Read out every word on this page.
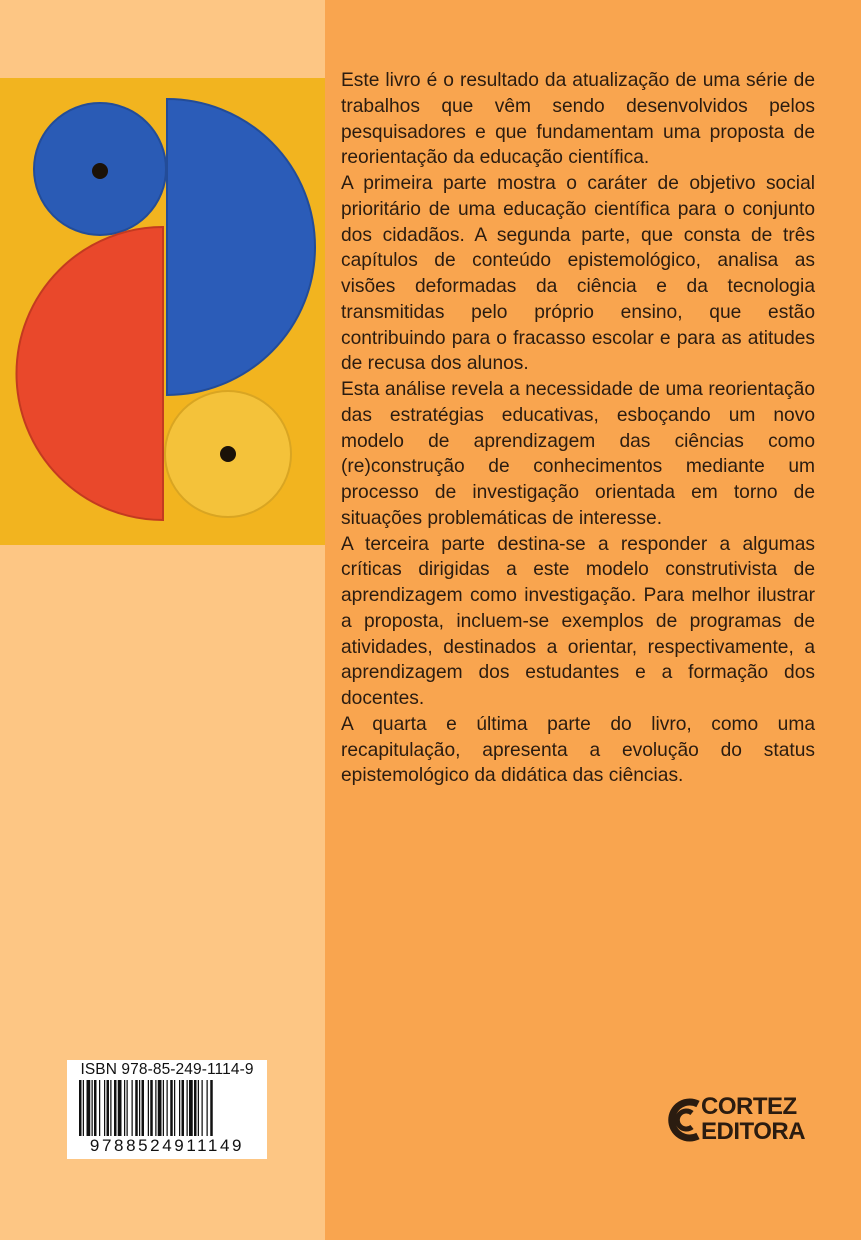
Este livro é o resultado da atualização de uma série de trabalhos que vêm sendo desenvolvidos pelos pesquisadores e que fundamentam uma proposta de reorientação da educação científica.

A primeira parte mostra o caráter de objetivo social prioritário de uma educação científica para o conjunto dos cidadãos. A segunda parte, que consta de três capítulos de conteúdo epistemológico, analisa as visões deformadas da ciência e da tecnologia transmitidas pelo próprio ensino, que estão contribuindo para o fracasso escolar e para as atitudes de recusa dos alunos.

Esta análise revela a necessidade de uma reorientação das estratégias educativas, esboçando um novo modelo de aprendizagem das ciências como (re)construção de conhecimentos mediante um processo de investigação orientada em torno de situações problemáticas de interesse.

A terceira parte destina-se a responder a algumas críticas dirigidas a este modelo construtivista de aprendizagem como investigação. Para melhor ilustrar a proposta, incluem-se exemplos de programas de atividades, destinados a orientar, respectivamente, a aprendizagem dos estudantes e a formação dos docentes.

A quarta e última parte do livro, como uma recapitulação, apresenta a evolução do status epistemológico da didática das ciências.

ISBN 978-85-249-1114-9
9788524911149
CORTEZ
EDITORA
